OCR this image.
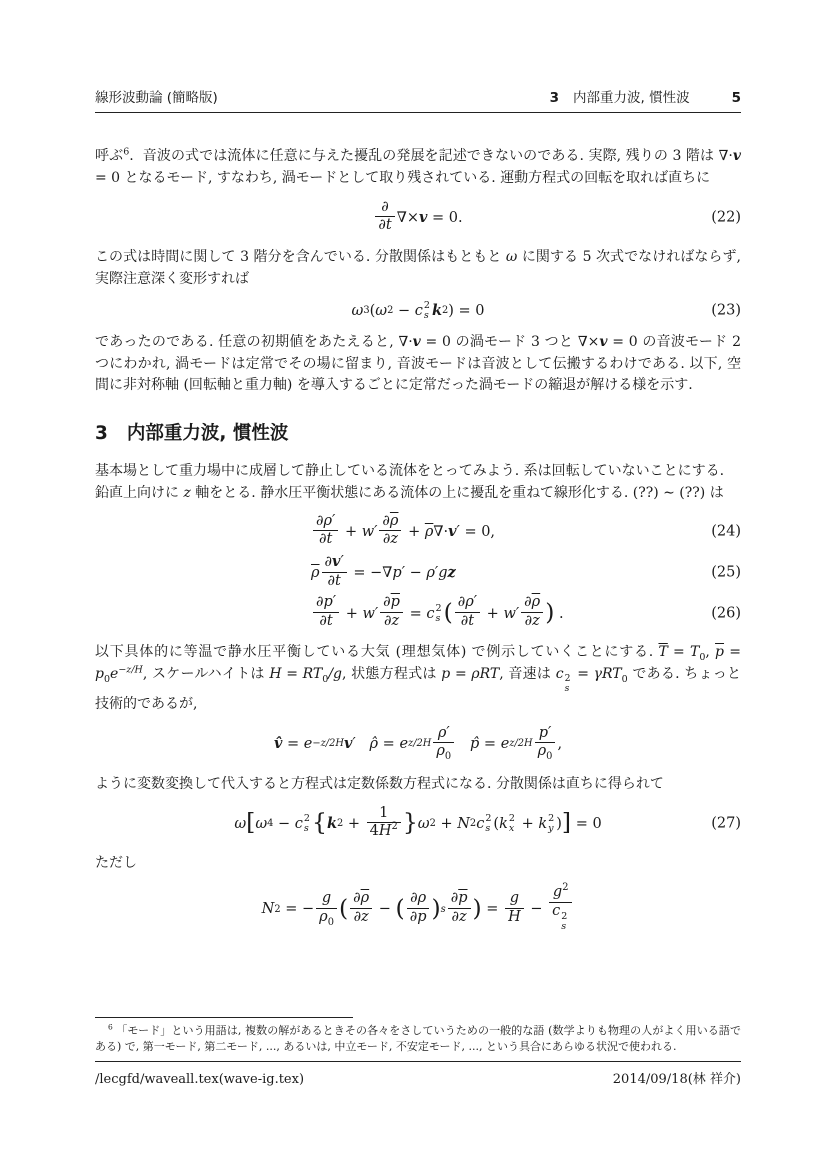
線形波動論 (簡略版)	3 内部重力波, 慣性波	5

呼ぶ$^6$.  音波の式では流体に任意に与えた擾乱の発展を記述できないのである. 実際, 残りの 3 階は ∇·v = 0 となるモード, すなわち, 渦モードとして取り残されている. 運動方程式の回転を取れば直ちに

$\frac{\partial}{\partial t}$ ∇× v = 0.	(22)

この式は時間に関して 3 階分を含んでいる. 分散関係はもともと ω に関する 5 次式でなければならず, 実際注意深く変形すれば

ω 3 ( ω 2 − c 2
s k 2 ) = 0	(23)

であったのである. 任意の初期値をあたえると, ∇·v = 0 の渦モード 3 つと ∇×v = 0 の音波モード 2 つにわかれ, 渦モードは定常でその場に留まり, 音波モードは音波として伝搬するわけである. 以下, 空間に非対称軸 (回転軸と重力軸) を導入するごとに定常だった渦モードの縮退が解ける様を示す.

3 内部重力波, 慣性波

基本場として重力場中に成層して静止している流体をとってみよう. 系は回転していないことにする.

鉛直上向けに z 軸をとる. 静水圧平衡状態にある流体の上に擾乱を重ねて線形化する. (??) ∼ (??) は

$\frac{\partial\rho'}{\partial t} + w' \frac{\partial\overline{\rho}}{\partial z} + \overline{\rho}$ ∇· v ′ = 0,	(24)
$\overline{\rho} \frac{\partial v'}{\partial t}$ = −∇ p′ − ρ′g z	(25)
$\frac{\partial p'}{\partial t} + w' \frac{\partial\overline{p}}{\partial z} = c$ 2
s ( $\frac{\partial\rho'}{\partial t} + w' \frac{\partial\overline{\rho}}{\partial z}$ ) .	(26)

以下具体的に等温で静水圧平衡している大気 (理想気体) で例示していくことにする. $\overline{T} = T_0$, $\overline{p} = p_0e^{-z/H}$, スケールハイトは $H = RT_0/g$, 状態方程式は p = ρRT, 音速は c 2
s
= γRT$_0$ である. ちょっと技術的であるが,

v̂ = e −z/2H v ′
ρ̂ = e $z/2H \frac{\rho'}{\rho_0}$
p̂ = e $z/2H \frac{p'}{\rho_0}$ ,

ように変数変換して代入すると方程式は定数係数方程式になる. 分散関係は直ちに得られて

ω [ ω 4 − c 2
s { k $2 + \frac{1}{4H^2}$ } ω 2 + N 2 c 2
s ( k 2
x + k 2
y ) ] = 0	(27)

ただし

N 2 = − $\frac{g}{\rho_0}$ ( $\frac{\partial\overline{\rho}}{\partial z}$ − ( $\frac{\partial\rho}{\partial p}$ ) s $\frac{\partial\overline{p}}{\partial z}$ ) = $\frac{g}{H} - g^2$
c 2
s

$^6$ 「モード」という用語は, 複数の解があるときその各々をさしていうための一般的な語 (数学よりも物理の人がよく用いる語である) で, 第一モード, 第二モード, ..., あるいは, 中立モード, 不安定モード, ..., という具合にあらゆる状況で使われる.

/lecgfd/waveall.tex(wave-ig.tex)	2014/09/18(林 祥介)
